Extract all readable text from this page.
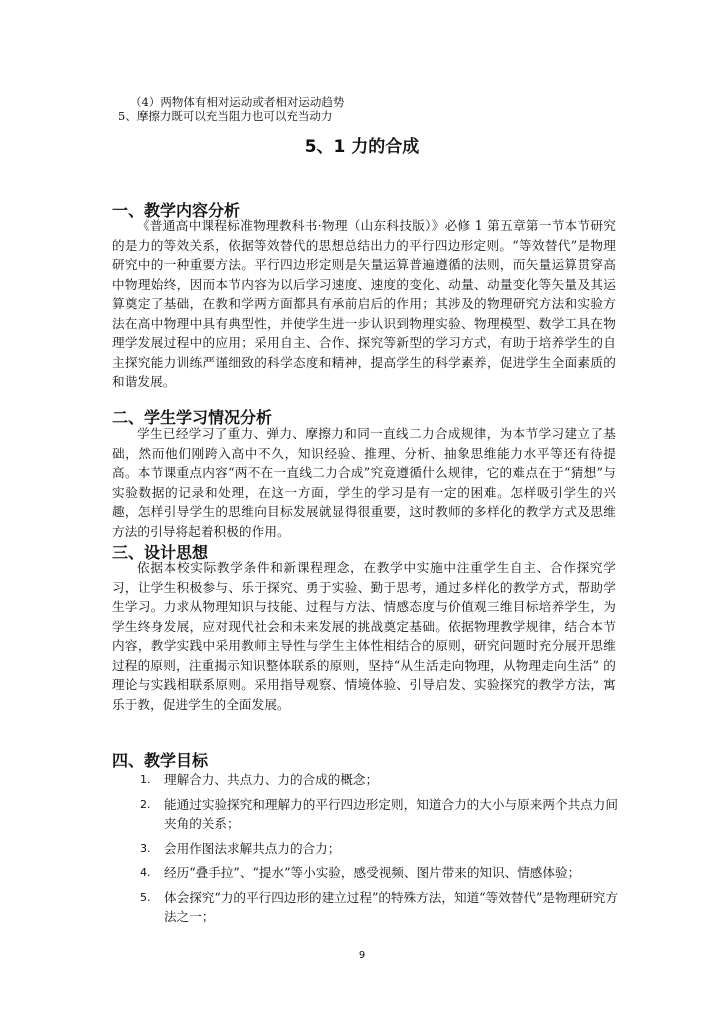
（4）两物体有相对运动或者相对运动趋势
5、摩擦力既可以充当阻力也可以充当动力
5、1 力的合成
一、教学内容分析
《普通高中课程标准物理教科书·物理（山东科技版）》必修 1 第五章第一节本节研究的是力的等效关系，依据等效替代的思想总结出力的平行四边形定则。“等效替代”是物理研究中的一种重要方法。平行四边形定则是矢量运算普遍遵循的法则，而矢量运算贯穿高中物理始终，因而本节内容为以后学习速度、速度的变化、动量、动量变化等矢量及其运算奠定了基础，在教和学两方面都具有承前启后的作用；其涉及的物理研究方法和实验方法在高中物理中具有典型性，并使学生进一步认识到物理实验、物理模型、数学工具在物理学发展过程中的应用；采用自主、合作、探究等新型的学习方式，有助于培养学生的自主探究能力训练严谨细致的科学态度和精神，提高学生的科学素养，促进学生全面素质的和谐发展。
二、学生学习情况分析
学生已经学习了重力、弹力、摩擦力和同一直线二力合成规律，为本节学习建立了基础，然而他们刚跨入高中不久，知识经验、推理、分析、抽象思维能力水平等还有待提高。本节课重点内容“两不在一直线二力合成”究竟遵循什么规律，它的难点在于“猜想”与实验数据的记录和处理，在这一方面，学生的学习是有一定的困难。怎样吸引学生的兴趣，怎样引导学生的思维向目标发展就显得很重要，这时教师的多样化的教学方式及思维方法的引导将起着积极的作用。
三、设计思想
依据本校实际教学条件和新课程理念，在教学中实施中注重学生自主、合作探究学习，让学生积极参与、乐于探究、勇于实验、勤于思考，通过多样化的教学方式，帮助学生学习。力求从物理知识与技能、过程与方法、情感态度与价值观三维目标培养学生，为学生终身发展，应对现代社会和未来发展的挑战奠定基础。依据物理教学规律，结合本节内容，教学实践中采用教师主导性与学生主体性相结合的原则，研究问题时充分展开思维过程的原则，注重揭示知识整体联系的原则，坚持“从生活走向物理，从物理走向生活” 的理论与实践相联系原则。采用指导观察、情境体验、引导启发、实验探究的教学方法，寓乐于教，促进学生的全面发展。
四、教学目标
1. 理解合力、共点力、力的合成的概念；
2. 能通过实验探究和理解力的平行四边形定则，知道合力的大小与原来两个共点力间夹角的关系；
3. 会用作图法求解共点力的合力；
4. 经历“叠手拉”、“提水”等小实验，感受视频、图片带来的知识、情感体验；
5. 体会探究“力的平行四边形的建立过程”的特殊方法，知道“等效替代”是物理研究方法之一；
9
